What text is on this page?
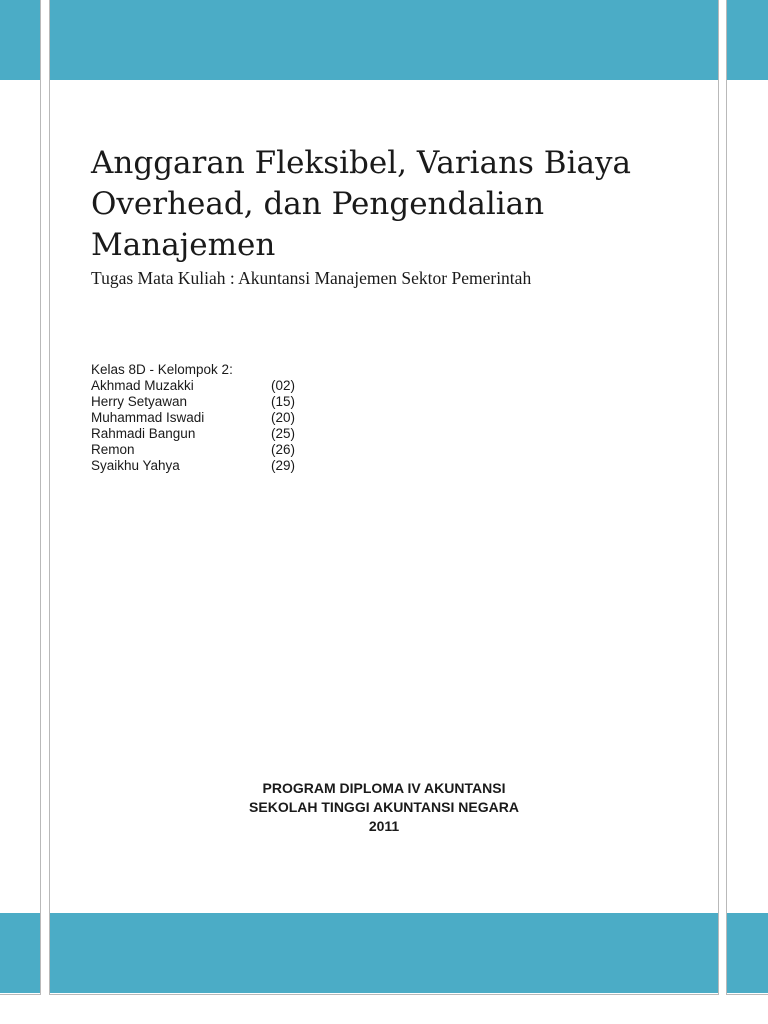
Anggaran Fleksibel, Varians Biaya
Overhead, dan Pengendalian
Manajemen

Tugas Mata Kuliah : Akuntansi Manajemen Sektor Pemerintah

Kelas 8D - Kelompok 2:
Akhmad Muzakki	(02)
Herry Setyawan	(15)
Muhammad Iswadi	(20)
Rahmadi Bangun	(25)
Remon	(26)
Syaikhu Yahya	(29)
PROGRAM DIPLOMA IV AKUNTANSI
SEKOLAH TINGGI AKUNTANSI NEGARA
2011
